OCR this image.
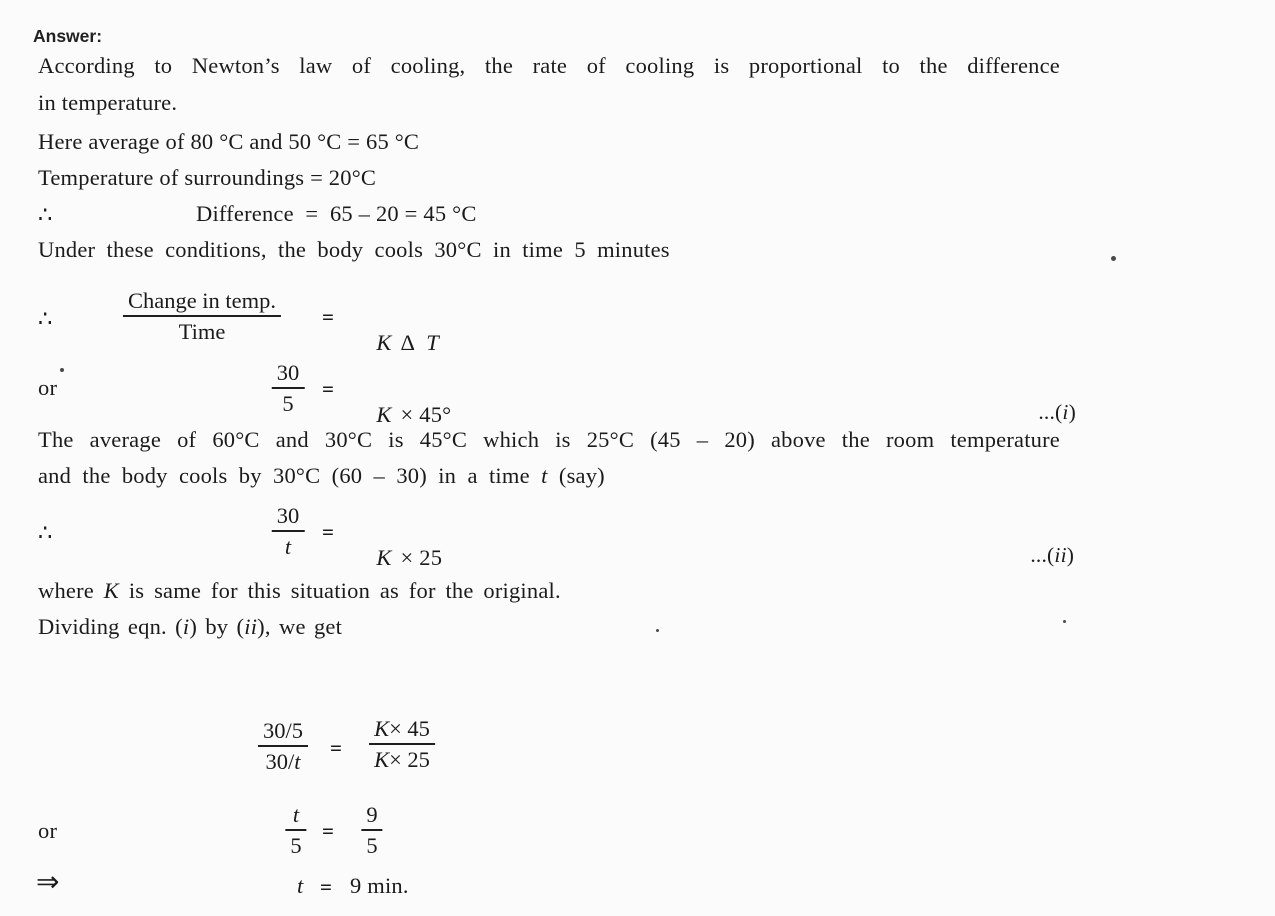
Answer:
According to Newton’s law of cooling, the rate of cooling is proportional to the difference
in temperature.
Here average of 80 °C and 50 °C = 65 °C
Temperature of surroundings = 20°C
∴	Difference  =  65 – 20 = 45 °C
Under these conditions, the body cools 30°C in time 5 minutes
∴
Change in temp.
Time
=

K Δ T

or
30
5
=

K × 45°
	...(i)

The average of 60°C and 30°C is 45°C which is 25°C (45 – 20) above the room temperature
and the body cools by 30°C (60 – 30) in a time t (say)
∴
30
t
=

K × 25
	...(ii)

where K is same for this situation as for the original.
Dividing eqn. (i) by (ii), we get
30/5
30/t
=
K× 45
K× 25
or
t
5
=
9
5
⇒	t = 9 min.
